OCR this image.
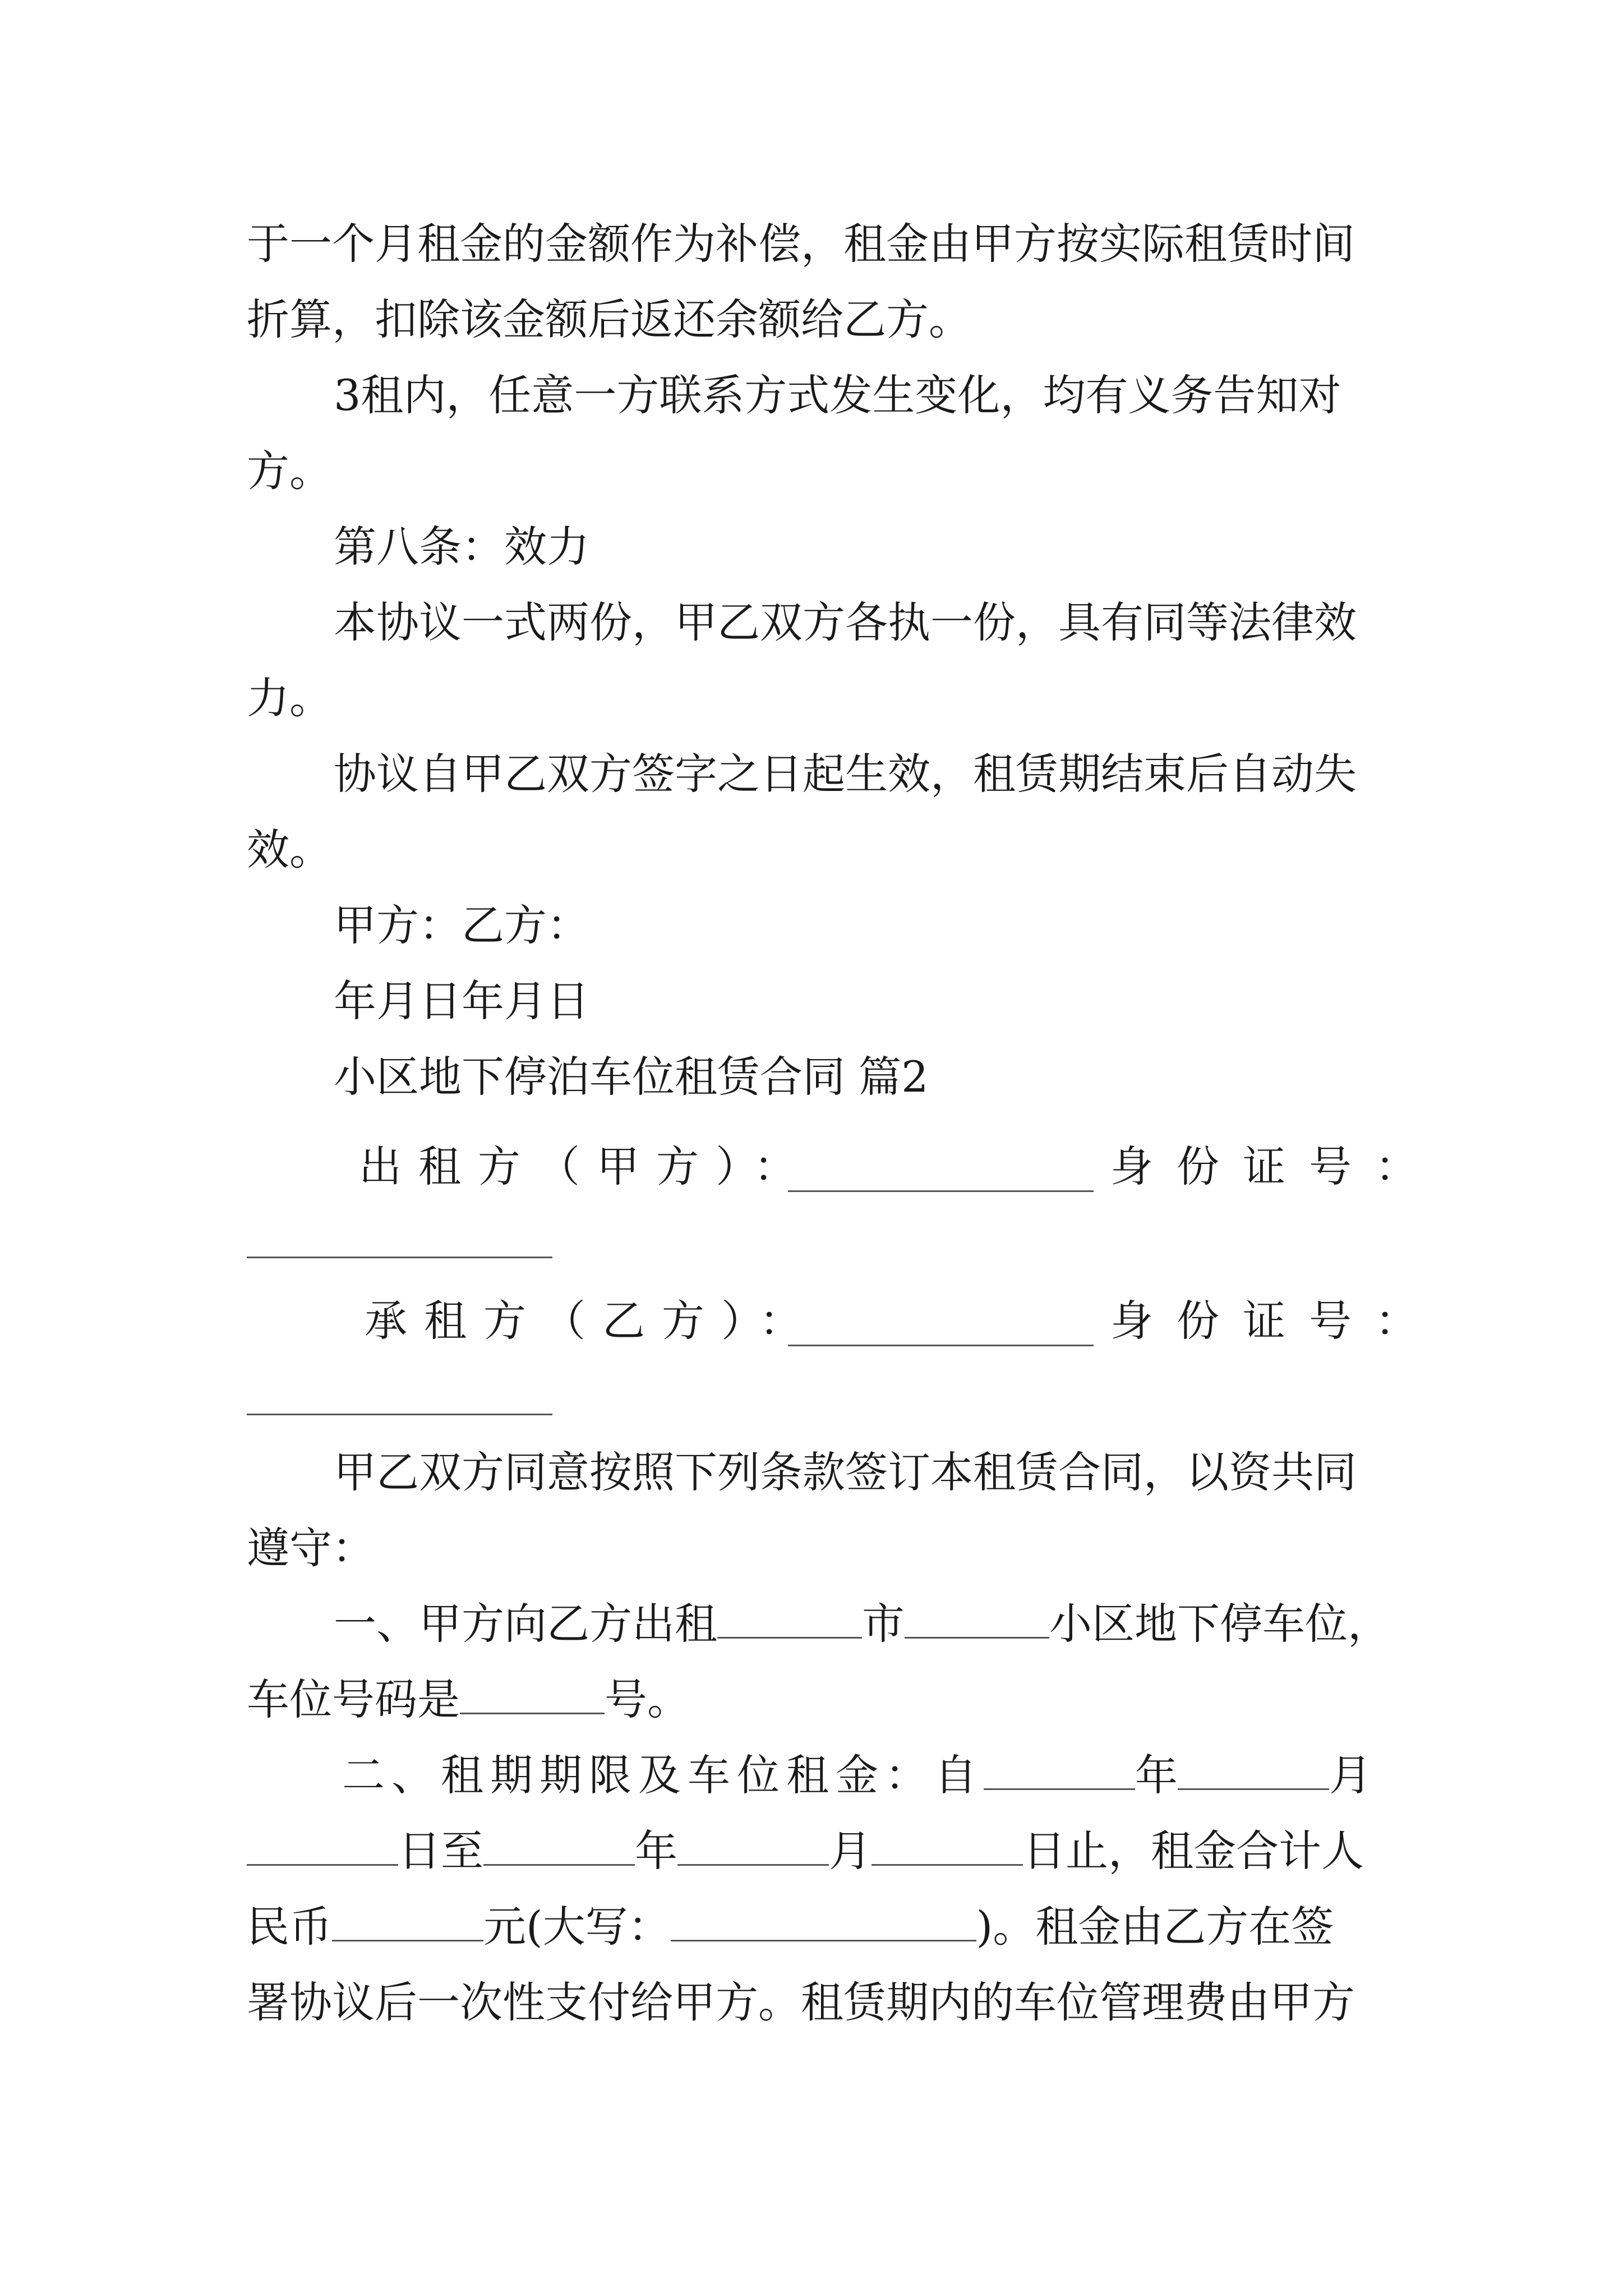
于一个月租金的金额作为补偿，租金由甲方按实际租赁时间
折算，扣除该金额后返还余额给乙方。
3租内，任意一方联系方式发生变化，均有义务告知对
方。
第八条：效力
本协议一式两份，甲乙双方各执一份，具有同等法律效
力。
协议自甲乙双方签字之日起生效，租赁期结束后自动失
效。
甲方：乙方：
年月日年月日
小区地下停泊车位租赁合同 篇2
出租方（甲方）：	身份证号：
承租方（乙方）：	身份证号：
甲乙双方同意按照下列条款签订本租赁合同，以资共同
遵守：
一、甲方向乙方出租	市	小区地下停车位，
车位号码是	号。
二、租期期限及车位租金：自	年	月
日至	年	月	日止，租金合计人
民币	元(大写：	)。租金由乙方在签
署协议后一次性支付给甲方。租赁期内的车位管理费由甲方
